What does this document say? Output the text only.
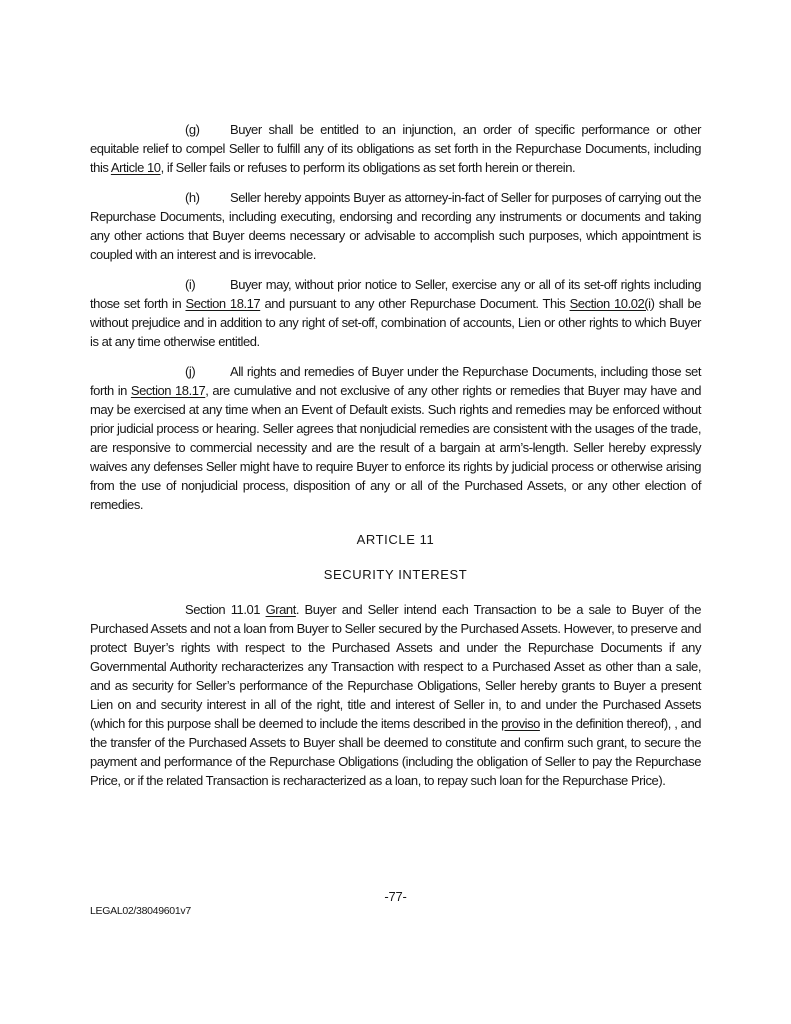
(g) Buyer shall be entitled to an injunction, an order of specific performance or other equitable relief to compel Seller to fulfill any of its obligations as set forth in the Repurchase Documents, including this Article 10, if Seller fails or refuses to perform its obligations as set forth herein or therein.

(h) Seller hereby appoints Buyer as attorney-in-fact of Seller for purposes of carrying out the Repurchase Documents, including executing, endorsing and recording any instruments or documents and taking any other actions that Buyer deems necessary or advisable to accomplish such purposes, which appointment is coupled with an interest and is irrevocable.

(i)	Buyer may, without prior notice to Seller, exercise any or all of its set-off rights including those set forth in Section 18.17 and pursuant to any other Repurchase Document. This Section 10.02(i) shall be without prejudice and in addition to any right of set-off, combination of accounts, Lien or other rights to which Buyer is at any time otherwise entitled.

(j)	All rights and remedies of Buyer under the Repurchase Documents, including those set forth in Section 18.17, are cumulative and not exclusive of any other rights or remedies that Buyer may have and may be exercised at any time when an Event of Default exists. Such rights and remedies may be enforced without prior judicial process or hearing. Seller agrees that nonjudicial remedies are consistent with the usages of the trade, are responsive to commercial necessity and are the result of a bargain at arm’s-length. Seller hereby expressly waives any defenses Seller might have to require Buyer to enforce its rights by judicial process or otherwise arising from the use of nonjudicial process, disposition of any or all of the Purchased Assets, or any other election of remedies.

ARTICLE 11

SECURITY INTEREST

Section 11.01 Grant. Buyer and Seller intend each Transaction to be a sale to Buyer of the Purchased Assets and not a loan from Buyer to Seller secured by the Purchased Assets. However, to preserve and protect Buyer’s rights with respect to the Purchased Assets and under the Repurchase Documents if any Governmental Authority recharacterizes any Transaction with respect to a Purchased Asset as other than a sale, and as security for Seller’s performance of the Repurchase Obligations, Seller hereby grants to Buyer a present Lien on and security interest in all of the right, title and interest of Seller in, to and under the Purchased Assets (which for this purpose shall be deemed to include the items described in the proviso in the definition thereof), , and the transfer of the Purchased Assets to Buyer shall be deemed to constitute and confirm such grant, to secure the payment and performance of the Repurchase Obligations (including the obligation of Seller to pay the Repurchase Price, or if the related Transaction is recharacterized as a loan, to repay such loan for the Repurchase Price).

-77-
LEGAL02/38049601v7
